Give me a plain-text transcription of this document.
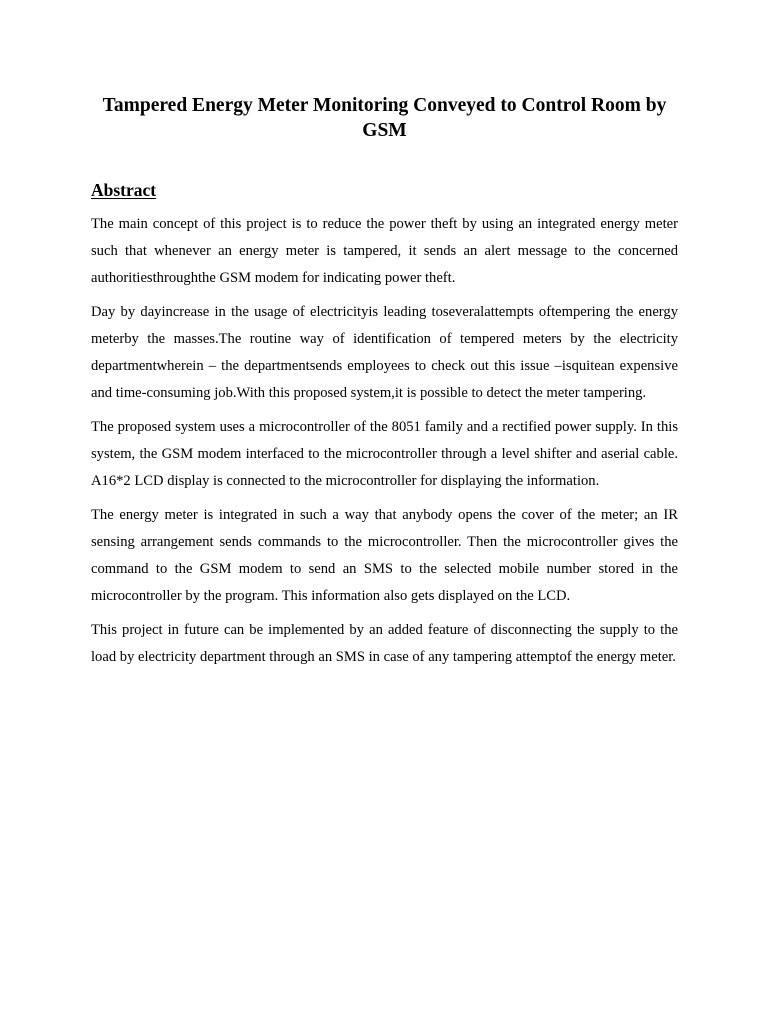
Tampered Energy Meter Monitoring Conveyed to Control Room by GSM
Abstract

The main concept of this project is to reduce the power theft by using an integrated energy meter such that whenever an energy meter is tampered, it sends an alert message to the concerned authoritiesthroughthe GSM modem for indicating power theft.

Day by dayincrease in the usage of electricityis leading toseveralattempts oftempering the energy meterby the masses.The routine way of identification of tempered meters by the electricity departmentwherein – the departmentsends employees to check out this issue –isquitean expensive and time-consuming job.With this proposed system,it is possible to detect the meter tampering.

The proposed system uses a microcontroller of the 8051 family and a rectified power supply. In this system, the GSM modem interfaced to the microcontroller through a level shifter and aserial cable. A16*2 LCD display is connected to the microcontroller for displaying the information.

The energy meter is integrated in such a way that anybody opens the cover of the meter; an IR sensing arrangement sends commands to the microcontroller. Then the microcontroller gives the command to the GSM modem to send an SMS to the selected mobile number stored in the microcontroller by the program. This information also gets displayed on the LCD.

This project in future can be implemented by an added feature of disconnecting the supply to the load by electricity department through an SMS in case of any tampering attemptof the energy meter.
